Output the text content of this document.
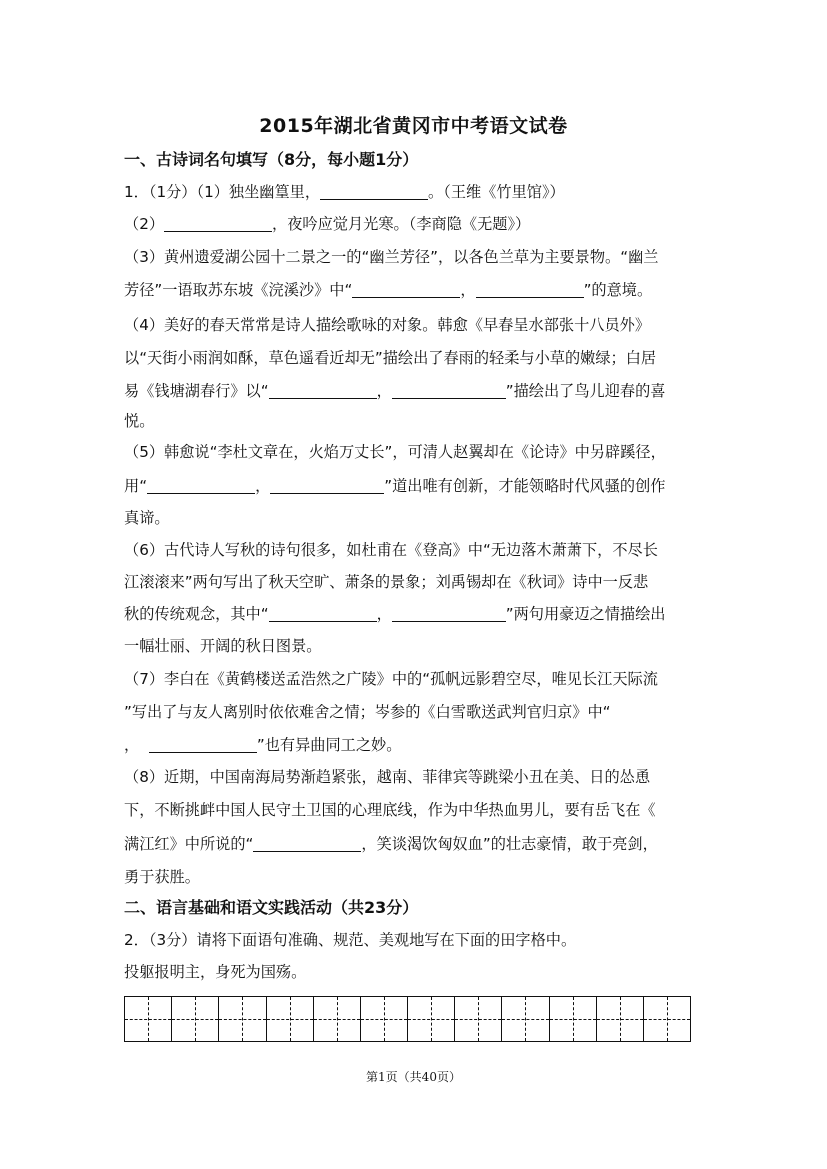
2015年湖北省黄冈市中考语文试卷
一、古诗词名句填写（8分，每小题1分）
1．（1分）（1）独坐幽篁里，	。（王维《竹里馆》）
（2）	，夜吟应觉月光寒。（李商隐《无题》）
（3）黄州遗爱湖公园十二景之一的“幽兰芳径”，以各色兰草为主要景物。“幽兰
芳径”一语取苏东坡《浣溪沙》中“	，	”的意境。
（4）美好的春天常常是诗人描绘歌咏的对象。韩愈《早春呈水部张十八员外》
以“天街小雨润如酥，草色遥看近却无”描绘出了春雨的轻柔与小草的嫩绿；白居
易《钱塘湖春行》以“	，	”描绘出了鸟儿迎春的喜
悦。
（5）韩愈说“李杜文章在，火焰万丈长”，可清人赵翼却在《论诗》中另辟蹊径，
用“	，	”道出唯有创新，才能领略时代风骚的创作
真谛。
（6）古代诗人写秋的诗句很多，如杜甫在《登高》中“无边落木萧萧下，不尽长
江滚滚来”两句写出了秋天空旷、萧条的景象；刘禹锡却在《秋词》诗中一反悲
秋的传统观念，其中“	，	”两句用豪迈之情描绘出
一幅壮丽、开阔的秋日图景。
（7）李白在《黄鹤楼送孟浩然之广陵》中的“孤帆远影碧空尽，唯见长江天际流
”写出了与友人离别时依依难舍之情；岑参的《白雪歌送武判官归京》中“
，	”也有异曲同工之妙。
（8）近期，中国南海局势渐趋紧张，越南、菲律宾等跳梁小丑在美、日的怂恿
下，不断挑衅中国人民守土卫国的心理底线，作为中华热血男儿，要有岳飞在《
满江红》中所说的“	，笑谈渴饮匈奴血”的壮志豪情，敢于亮剑，
勇于获胜。
二、语言基础和语文实践活动（共23分）
2．（3分）请将下面语句准确、规范、美观地写在下面的田字格中。
投躯报明主，身死为国殇。
第1页（共40页）
